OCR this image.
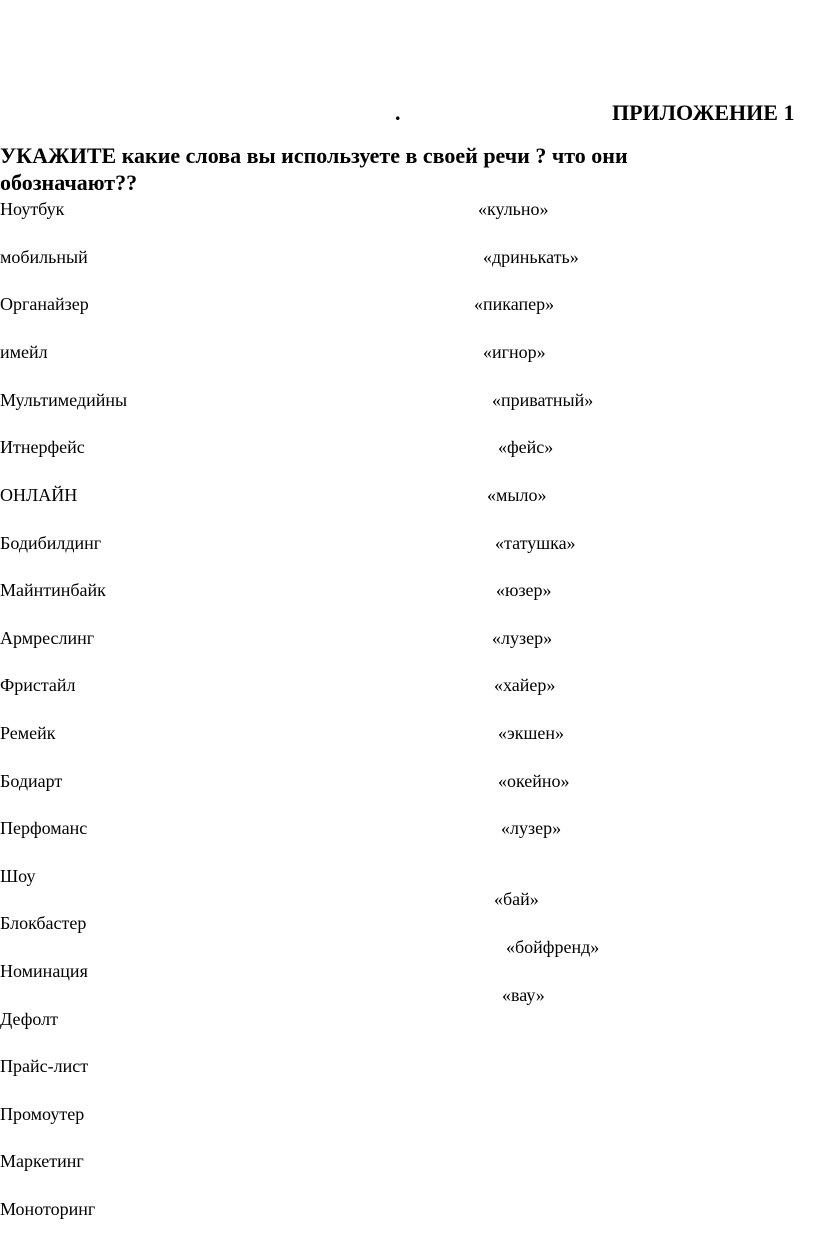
.	ПРИЛОЖЕНИЕ 1
УКАЖИТЕ какие слова вы используете в своей речи ? что они обозначают??
Ноутбук
мобильный
Органайзер
имейл
Мультимедийны
Итнерфейс
ОНЛАЙН
Бодибилдинг
Майнтинбайк
Армреслинг
Фристайл
Ремейк
Бодиарт
Перфоманс
Шоу
Блокбастер
Номинация
Дефолт
Прайс-лист
Промоутер
Маркетинг
Моноторинг
«кульно»
«дринькать»
«пикапер»
«игнор»
«приватный»
«фейс»
«мыло»
«татушка»
«юзер»
«лузер»
«хайер»
«экшен»
«окейно»
«лузер»
«бай»
«бойфренд»
«вау»
